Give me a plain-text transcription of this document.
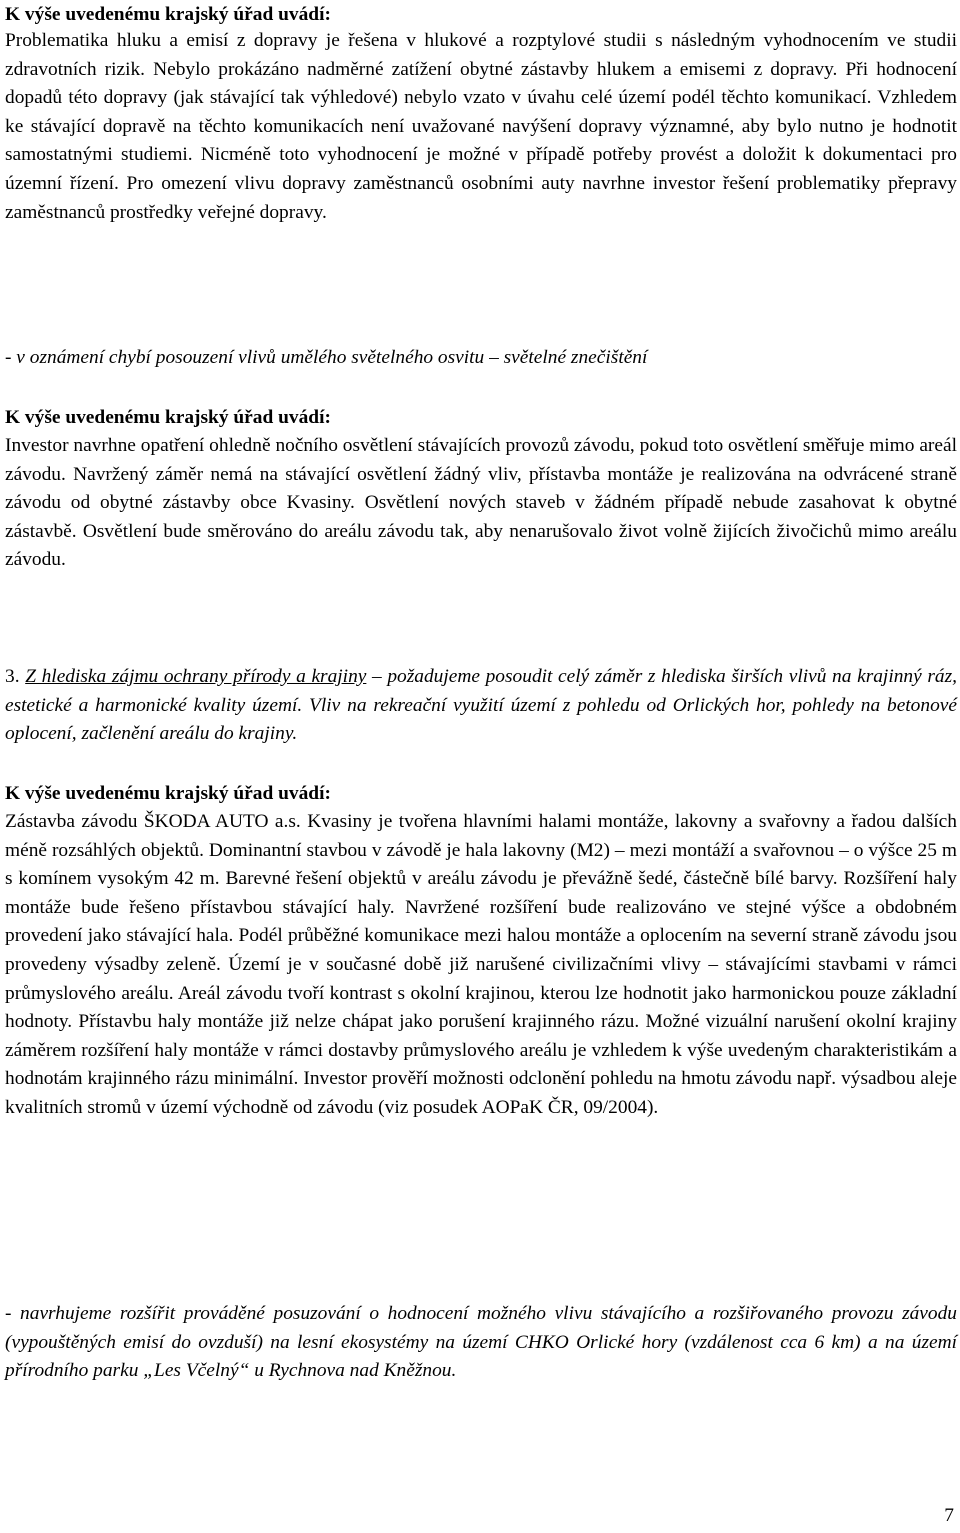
K výše uvedenému krajský úřad uvádí:

Problematika hluku a emisí z dopravy je řešena v hlukové a rozptylové studii s následným vyhodnocením ve studii zdravotních rizik. Nebylo prokázáno nadměrné zatížení obytné zástavby hlukem a emisemi z dopravy. Při hodnocení dopadů této dopravy (jak stávající tak výhledové) nebylo vzato v úvahu celé území podél těchto komunikací. Vzhledem ke stávající dopravě na těchto komunikacích není uvažované navýšení dopravy významné, aby bylo nutno je hodnotit samostatnými studiemi. Nicméně toto vyhodnocení je možné v případě potřeby provést a doložit k dokumentaci pro územní řízení. Pro omezení vlivu dopravy zaměstnanců osobními auty navrhne investor řešení problematiky přepravy zaměstnanců prostředky veřejné dopravy.

- v oznámení chybí posouzení vlivů umělého světelného osvitu – světelné znečištění

K výše uvedenému krajský úřad uvádí:

Investor navrhne opatření ohledně nočního osvětlení stávajících provozů závodu, pokud toto osvětlení směřuje mimo areál závodu. Navržený záměr nemá na stávající osvětlení žádný vliv, přístavba montáže je realizována na odvrácené straně závodu od obytné zástavby obce Kvasiny. Osvětlení nových staveb v žádném případě nebude zasahovat k obytné zástavbě. Osvětlení bude směrováno do areálu závodu tak, aby nenarušovalo život volně žijících živočichů mimo areálu závodu.

3. Z hlediska zájmu ochrany přírody a krajiny – požadujeme posoudit celý záměr z hlediska širších vlivů na krajinný ráz, estetické a harmonické kvality území. Vliv na rekreační využití území z pohledu od Orlických hor, pohledy na betonové oplocení, začlenění areálu do krajiny.

K výše uvedenému krajský úřad uvádí:

Zástavba závodu ŠKODA AUTO a.s. Kvasiny je tvořena hlavními halami montáže, lakovny a svařovny a řadou dalších méně rozsáhlých objektů. Dominantní stavbou v závodě je hala lakovny (M2) – mezi montáží a svařovnou – o výšce 25 m s komínem vysokým 42 m. Barevné řešení objektů v areálu závodu je převážně šedé, částečně bílé barvy. Rozšíření haly montáže bude řešeno přístavbou stávající haly. Navržené rozšíření bude realizováno ve stejné výšce a obdobném provedení jako stávající hala. Podél průběžné komunikace mezi halou montáže a oplocením na severní straně závodu jsou provedeny výsadby zeleně. Území je v současné době již narušené civilizačními vlivy – stávajícími stavbami v rámci průmyslového areálu. Areál závodu tvoří kontrast s okolní krajinou, kterou lze hodnotit jako harmonickou pouze základní hodnoty. Přístavbu haly montáže již nelze chápat jako porušení krajinného rázu. Možné vizuální narušení okolní krajiny záměrem rozšíření haly montáže v rámci dostavby průmyslového areálu je vzhledem k výše uvedeným charakteristikám a hodnotám krajinného rázu minimální. Investor prověří možnosti odclonění pohledu na hmotu závodu např. výsadbou aleje kvalitních stromů v území východně od závodu (viz posudek AOPaK ČR, 09/2004).

- navrhujeme rozšířit prováděné posuzování o hodnocení možného vlivu stávajícího a rozšiřovaného provozu závodu (vypouštěných emisí do ovzduší) na lesní ekosystémy na území CHKO Orlické hory (vzdálenost cca 6 km) a na území přírodního parku „Les Včelný“ u Rychnova nad Kněžnou.

7
